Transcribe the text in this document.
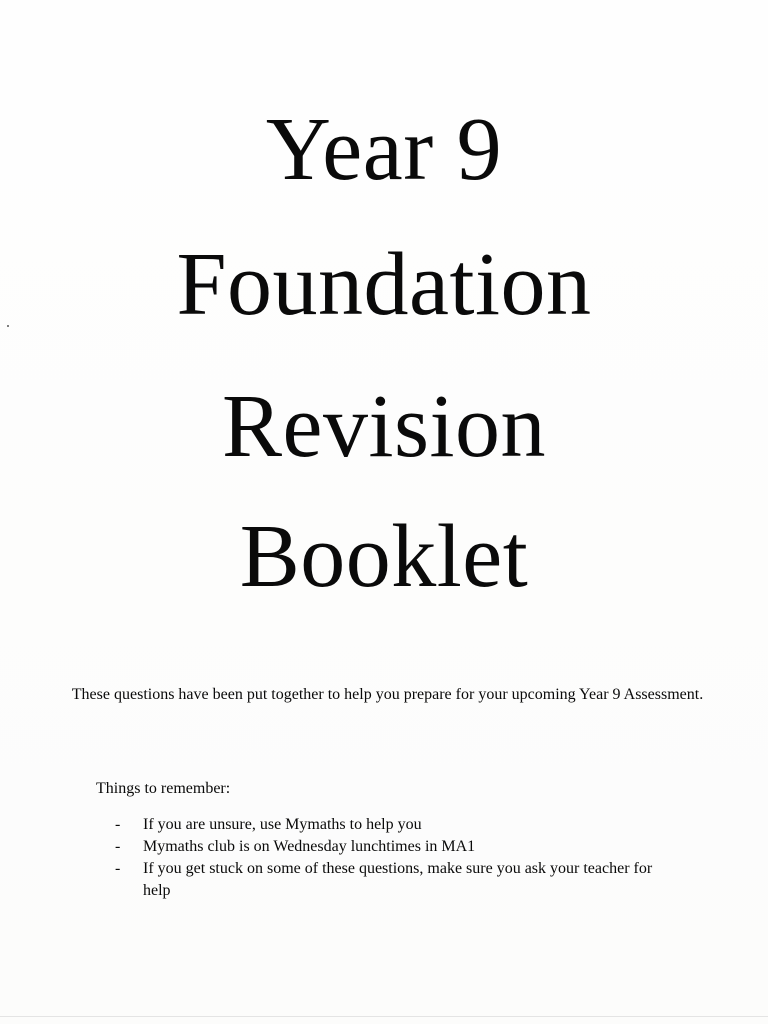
Year 9
Foundation
Revision
Booklet
These questions have been put together to help you prepare for your upcoming Year 9 Assessment.
Things to remember:
- If you are unsure, use Mymaths to help you
- Mymaths club is on Wednesday lunchtimes in MA1
- If you get stuck on some of these questions, make sure you ask your teacher for help
